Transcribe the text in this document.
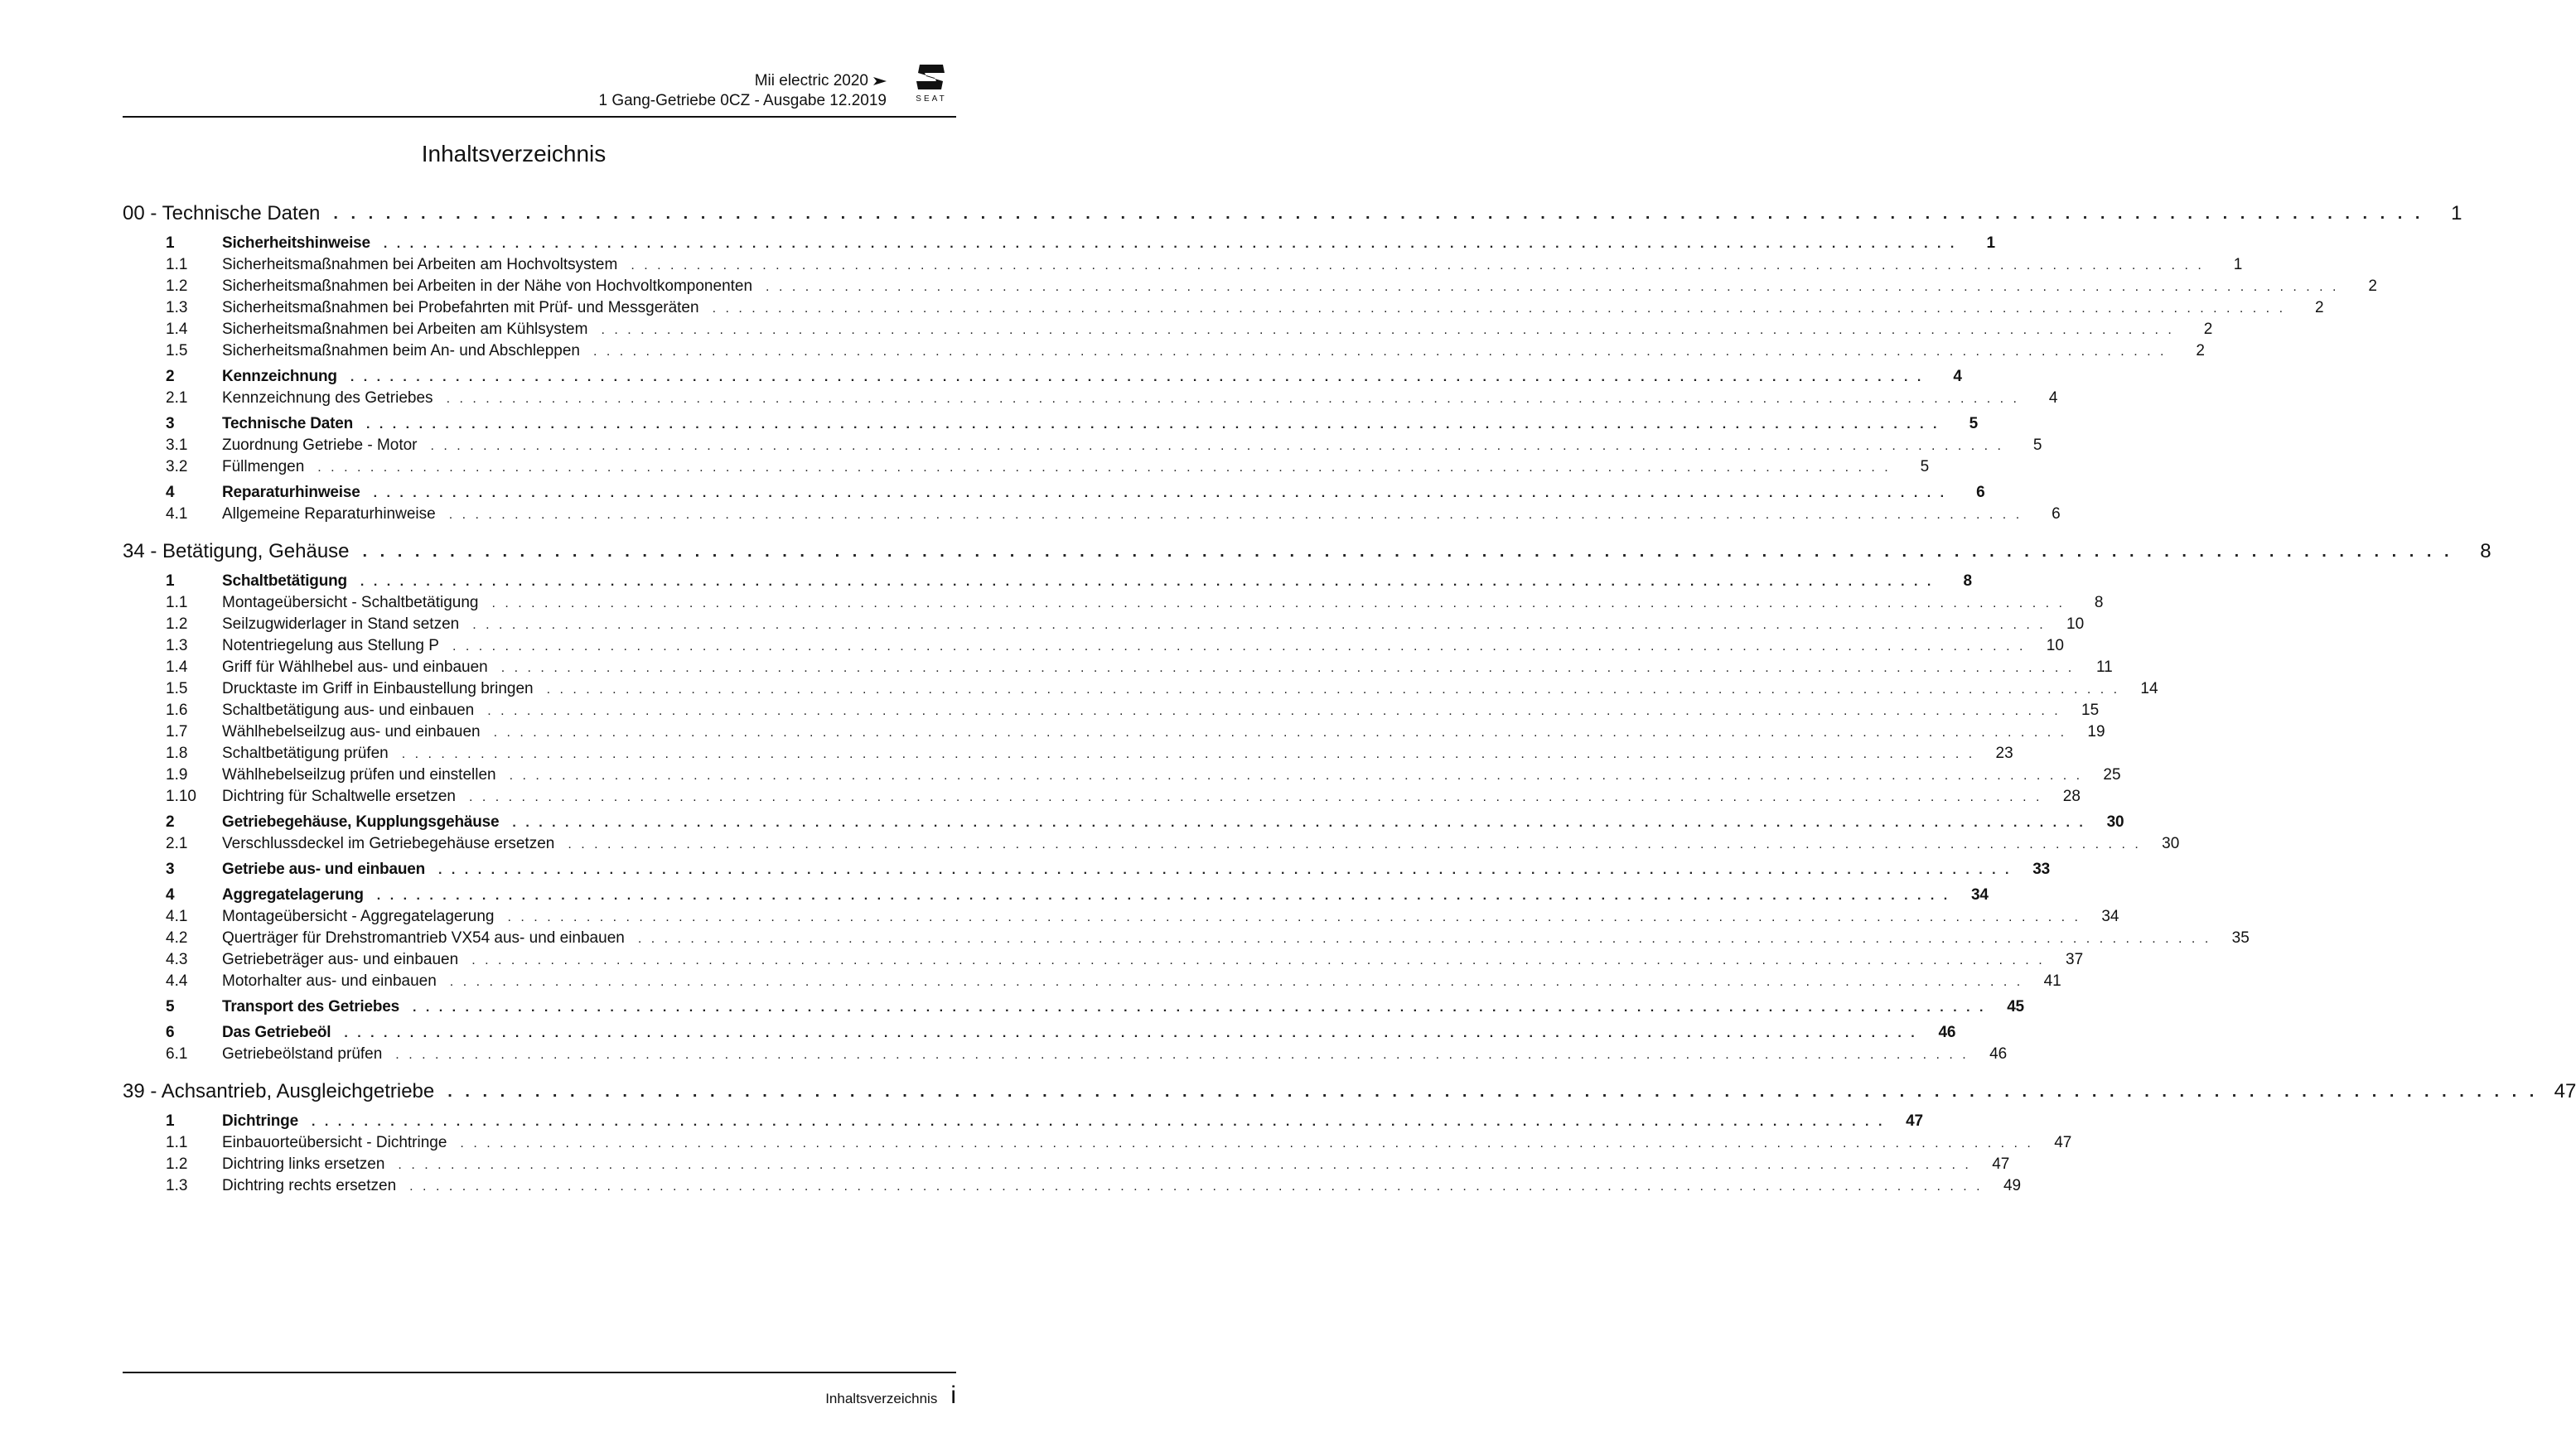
Mii electric 2020
1 Gang-Getriebe 0CZ - Ausgabe 12.2019	SEAT
Inhaltsverzeichnis
00 - Technische Daten . . . . . . . . . . . . . . . . . . . . . . . . . . . . . . . . . . . . . . . . . . . . . . . . . . . . . . . . . . . . . . . . . . . . . . . . . . . . . . . . . . . . . . . . . . . . . . . . . . . . . . . . . . . . . . . . . . . . . . . .	1
1	Sicherheitshinweise . . . . . . . . . . . . . . . . . . . . . . . . . . . . . . . . . . . . . . . . . . . . . . . . . . . . . . . . . . . . . . . . . . . . . . . . . . . . . . . . . . . . . . . . . . . . . . . . . . . . . . . . . . . . . . . . . . . . . . . .	1
1.1	Sicherheitsmaßnahmen bei Arbeiten am Hochvoltsystem . . . . . . . . . . . . . . . . . . . . . . . . . . . . . . . . . . . . . . . . . . . . . . . . . . . . . . . . . . . . . . . . . . . . . . . . . . . . . . . . . . . . . . . . . . . . . . . . . . . . . . . . . . . . . . . . . . . . . . . .	1
1.2	Sicherheitsmaßnahmen bei Arbeiten in der Nähe von Hochvoltkomponenten . . . . . . . . . . . . . . . . . . . . . . . . . . . . . . . . . . . . . . . . . . . . . . . . . . . . . . . . . . . . . . . . . . . . . . . . . . . . . . . . . . . . . . . . . . . . . . . . . . . . . . . . . . . . . . . . . . . . . . . .	2
1.3	Sicherheitsmaßnahmen bei Probefahrten mit Prüf- und Messgeräten . . . . . . . . . . . . . . . . . . . . . . . . . . . . . . . . . . . . . . . . . . . . . . . . . . . . . . . . . . . . . . . . . . . . . . . . . . . . . . . . . . . . . . . . . . . . . . . . . . . . . . . . . . . . . . . . . . . . . . . .	2
1.4	Sicherheitsmaßnahmen bei Arbeiten am Kühlsystem . . . . . . . . . . . . . . . . . . . . . . . . . . . . . . . . . . . . . . . . . . . . . . . . . . . . . . . . . . . . . . . . . . . . . . . . . . . . . . . . . . . . . . . . . . . . . . . . . . . . . . . . . . . . . . . . . . . . . . . .	2
1.5	Sicherheitsmaßnahmen beim An- und Abschleppen . . . . . . . . . . . . . . . . . . . . . . . . . . . . . . . . . . . . . . . . . . . . . . . . . . . . . . . . . . . . . . . . . . . . . . . . . . . . . . . . . . . . . . . . . . . . . . . . . . . . . . . . . . . . . . . . . . . . . . . .	2
2	Kennzeichnung . . . . . . . . . . . . . . . . . . . . . . . . . . . . . . . . . . . . . . . . . . . . . . . . . . . . . . . . . . . . . . . . . . . . . . . . . . . . . . . . . . . . . . . . . . . . . . . . . . . . . . . . . . . . . . . . . . . . . . . .	4
2.1	Kennzeichnung des Getriebes . . . . . . . . . . . . . . . . . . . . . . . . . . . . . . . . . . . . . . . . . . . . . . . . . . . . . . . . . . . . . . . . . . . . . . . . . . . . . . . . . . . . . . . . . . . . . . . . . . . . . . . . . . . . . . . . . . . . . . . .	4
3	Technische Daten . . . . . . . . . . . . . . . . . . . . . . . . . . . . . . . . . . . . . . . . . . . . . . . . . . . . . . . . . . . . . . . . . . . . . . . . . . . . . . . . . . . . . . . . . . . . . . . . . . . . . . . . . . . . . . . . . . . . . . . .	5
3.1	Zuordnung Getriebe - Motor . . . . . . . . . . . . . . . . . . . . . . . . . . . . . . . . . . . . . . . . . . . . . . . . . . . . . . . . . . . . . . . . . . . . . . . . . . . . . . . . . . . . . . . . . . . . . . . . . . . . . . . . . . . . . . . . . . . . . . . .	5
3.2	Füllmengen . . . . . . . . . . . . . . . . . . . . . . . . . . . . . . . . . . . . . . . . . . . . . . . . . . . . . . . . . . . . . . . . . . . . . . . . . . . . . . . . . . . . . . . . . . . . . . . . . . . . . . . . . . . . . . . . . . . . . . . .	5
4	Reparaturhinweise . . . . . . . . . . . . . . . . . . . . . . . . . . . . . . . . . . . . . . . . . . . . . . . . . . . . . . . . . . . . . . . . . . . . . . . . . . . . . . . . . . . . . . . . . . . . . . . . . . . . . . . . . . . . . . . . . . . . . . . .	6
4.1	Allgemeine Reparaturhinweise . . . . . . . . . . . . . . . . . . . . . . . . . . . . . . . . . . . . . . . . . . . . . . . . . . . . . . . . . . . . . . . . . . . . . . . . . . . . . . . . . . . . . . . . . . . . . . . . . . . . . . . . . . . . . . . . . . . . . . . .	6
34 - Betätigung, Gehäuse . . . . . . . . . . . . . . . . . . . . . . . . . . . . . . . . . . . . . . . . . . . . . . . . . . . . . . . . . . . . . . . . . . . . . . . . . . . . . . . . . . . . . . . . . . . . . . . . . . . . . . . . . . . . . . . . . . . . . . . .	8
1	Schaltbetätigung . . . . . . . . . . . . . . . . . . . . . . . . . . . . . . . . . . . . . . . . . . . . . . . . . . . . . . . . . . . . . . . . . . . . . . . . . . . . . . . . . . . . . . . . . . . . . . . . . . . . . . . . . . . . . . . . . . . . . . . .	8
1.1	Montageübersicht - Schaltbetätigung . . . . . . . . . . . . . . . . . . . . . . . . . . . . . . . . . . . . . . . . . . . . . . . . . . . . . . . . . . . . . . . . . . . . . . . . . . . . . . . . . . . . . . . . . . . . . . . . . . . . . . . . . . . . . . . . . . . . . . . .	8
1.2	Seilzugwiderlager in Stand setzen . . . . . . . . . . . . . . . . . . . . . . . . . . . . . . . . . . . . . . . . . . . . . . . . . . . . . . . . . . . . . . . . . . . . . . . . . . . . . . . . . . . . . . . . . . . . . . . . . . . . . . . . . . . . . . . . . . . . . . . .	10
1.3	Notentriegelung aus Stellung P . . . . . . . . . . . . . . . . . . . . . . . . . . . . . . . . . . . . . . . . . . . . . . . . . . . . . . . . . . . . . . . . . . . . . . . . . . . . . . . . . . . . . . . . . . . . . . . . . . . . . . . . . . . . . . . . . . . . . . . .	10
1.4	Griff für Wählhebel aus- und einbauen . . . . . . . . . . . . . . . . . . . . . . . . . . . . . . . . . . . . . . . . . . . . . . . . . . . . . . . . . . . . . . . . . . . . . . . . . . . . . . . . . . . . . . . . . . . . . . . . . . . . . . . . . . . . . . . . . . . . . . . .	11
1.5	Drucktaste im Griff in Einbaustellung bringen . . . . . . . . . . . . . . . . . . . . . . . . . . . . . . . . . . . . . . . . . . . . . . . . . . . . . . . . . . . . . . . . . . . . . . . . . . . . . . . . . . . . . . . . . . . . . . . . . . . . . . . . . . . . . . . . . . . . . . . .	14
1.6	Schaltbetätigung aus- und einbauen . . . . . . . . . . . . . . . . . . . . . . . . . . . . . . . . . . . . . . . . . . . . . . . . . . . . . . . . . . . . . . . . . . . . . . . . . . . . . . . . . . . . . . . . . . . . . . . . . . . . . . . . . . . . . . . . . . . . . . . .	15
1.7	Wählhebelseilzug aus- und einbauen . . . . . . . . . . . . . . . . . . . . . . . . . . . . . . . . . . . . . . . . . . . . . . . . . . . . . . . . . . . . . . . . . . . . . . . . . . . . . . . . . . . . . . . . . . . . . . . . . . . . . . . . . . . . . . . . . . . . . . . .	19
1.8	Schaltbetätigung prüfen . . . . . . . . . . . . . . . . . . . . . . . . . . . . . . . . . . . . . . . . . . . . . . . . . . . . . . . . . . . . . . . . . . . . . . . . . . . . . . . . . . . . . . . . . . . . . . . . . . . . . . . . . . . . . . . . . . . . . . . .	23
1.9	Wählhebelseilzug prüfen und einstellen . . . . . . . . . . . . . . . . . . . . . . . . . . . . . . . . . . . . . . . . . . . . . . . . . . . . . . . . . . . . . . . . . . . . . . . . . . . . . . . . . . . . . . . . . . . . . . . . . . . . . . . . . . . . . . . . . . . . . . . .	25
1.10	Dichtring für Schaltwelle ersetzen . . . . . . . . . . . . . . . . . . . . . . . . . . . . . . . . . . . . . . . . . . . . . . . . . . . . . . . . . . . . . . . . . . . . . . . . . . . . . . . . . . . . . . . . . . . . . . . . . . . . . . . . . . . . . . . . . . . . . . . .	28
2	Getriebegehäuse, Kupplungsgehäuse . . . . . . . . . . . . . . . . . . . . . . . . . . . . . . . . . . . . . . . . . . . . . . . . . . . . . . . . . . . . . . . . . . . . . . . . . . . . . . . . . . . . . . . . . . . . . . . . . . . . . . . . . . . . . . . . . . . . . . . .	30
2.1	Verschlussdeckel im Getriebegehäuse ersetzen . . . . . . . . . . . . . . . . . . . . . . . . . . . . . . . . . . . . . . . . . . . . . . . . . . . . . . . . . . . . . . . . . . . . . . . . . . . . . . . . . . . . . . . . . . . . . . . . . . . . . . . . . . . . . . . . . . . . . . . .	30
3	Getriebe aus- und einbauen . . . . . . . . . . . . . . . . . . . . . . . . . . . . . . . . . . . . . . . . . . . . . . . . . . . . . . . . . . . . . . . . . . . . . . . . . . . . . . . . . . . . . . . . . . . . . . . . . . . . . . . . . . . . . . . . . . . . . . . .	33
4	Aggregatelagerung . . . . . . . . . . . . . . . . . . . . . . . . . . . . . . . . . . . . . . . . . . . . . . . . . . . . . . . . . . . . . . . . . . . . . . . . . . . . . . . . . . . . . . . . . . . . . . . . . . . . . . . . . . . . . . . . . . . . . . . .	34
4.1	Montageübersicht - Aggregatelagerung . . . . . . . . . . . . . . . . . . . . . . . . . . . . . . . . . . . . . . . . . . . . . . . . . . . . . . . . . . . . . . . . . . . . . . . . . . . . . . . . . . . . . . . . . . . . . . . . . . . . . . . . . . . . . . . . . . . . . . . .	34
4.2	Querträger für Drehstromantrieb VX54 aus- und einbauen . . . . . . . . . . . . . . . . . . . . . . . . . . . . . . . . . . . . . . . . . . . . . . . . . . . . . . . . . . . . . . . . . . . . . . . . . . . . . . . . . . . . . . . . . . . . . . . . . . . . . . . . . . . . . . . . . . . . . . . .	35
4.3	Getriebeträger aus- und einbauen . . . . . . . . . . . . . . . . . . . . . . . . . . . . . . . . . . . . . . . . . . . . . . . . . . . . . . . . . . . . . . . . . . . . . . . . . . . . . . . . . . . . . . . . . . . . . . . . . . . . . . . . . . . . . . . . . . . . . . . .	37
4.4	Motorhalter aus- und einbauen . . . . . . . . . . . . . . . . . . . . . . . . . . . . . . . . . . . . . . . . . . . . . . . . . . . . . . . . . . . . . . . . . . . . . . . . . . . . . . . . . . . . . . . . . . . . . . . . . . . . . . . . . . . . . . . . . . . . . . . .	41
5	Transport des Getriebes . . . . . . . . . . . . . . . . . . . . . . . . . . . . . . . . . . . . . . . . . . . . . . . . . . . . . . . . . . . . . . . . . . . . . . . . . . . . . . . . . . . . . . . . . . . . . . . . . . . . . . . . . . . . . . . . . . . . . . . .	45
6	Das Getriebeöl . . . . . . . . . . . . . . . . . . . . . . . . . . . . . . . . . . . . . . . . . . . . . . . . . . . . . . . . . . . . . . . . . . . . . . . . . . . . . . . . . . . . . . . . . . . . . . . . . . . . . . . . . . . . . . . . . . . . . . . .	46
6.1	Getriebeölstand prüfen . . . . . . . . . . . . . . . . . . . . . . . . . . . . . . . . . . . . . . . . . . . . . . . . . . . . . . . . . . . . . . . . . . . . . . . . . . . . . . . . . . . . . . . . . . . . . . . . . . . . . . . . . . . . . . . . . . . . . . . .	46
39 - Achsantrieb, Ausgleichgetriebe . . . . . . . . . . . . . . . . . . . . . . . . . . . . . . . . . . . . . . . . . . . . . . . . . . . . . . . . . . . . . . . . . . . . . . . . . . . . . . . . . . . . . . . . . . . . . . . . . . . . . . . . . . . . . . . . . . . . . . . . 47
1	Dichtringe . . . . . . . . . . . . . . . . . . . . . . . . . . . . . . . . . . . . . . . . . . . . . . . . . . . . . . . . . . . . . . . . . . . . . . . . . . . . . . . . . . . . . . . . . . . . . . . . . . . . . . . . . . . . . . . . . . . . . . . .	47
1.1	Einbauorteübersicht - Dichtringe . . . . . . . . . . . . . . . . . . . . . . . . . . . . . . . . . . . . . . . . . . . . . . . . . . . . . . . . . . . . . . . . . . . . . . . . . . . . . . . . . . . . . . . . . . . . . . . . . . . . . . . . . . . . . . . . . . . . . . . .	47
1.2	Dichtring links ersetzen . . . . . . . . . . . . . . . . . . . . . . . . . . . . . . . . . . . . . . . . . . . . . . . . . . . . . . . . . . . . . . . . . . . . . . . . . . . . . . . . . . . . . . . . . . . . . . . . . . . . . . . . . . . . . . . . . . . . . . . .	47
1.3	Dichtring rechts ersetzen . . . . . . . . . . . . . . . . . . . . . . . . . . . . . . . . . . . . . . . . . . . . . . . . . . . . . . . . . . . . . . . . . . . . . . . . . . . . . . . . . . . . . . . . . . . . . . . . . . . . . . . . . . . . . . . . . . . . . . . .	49
Inhaltsverzeichnis i
